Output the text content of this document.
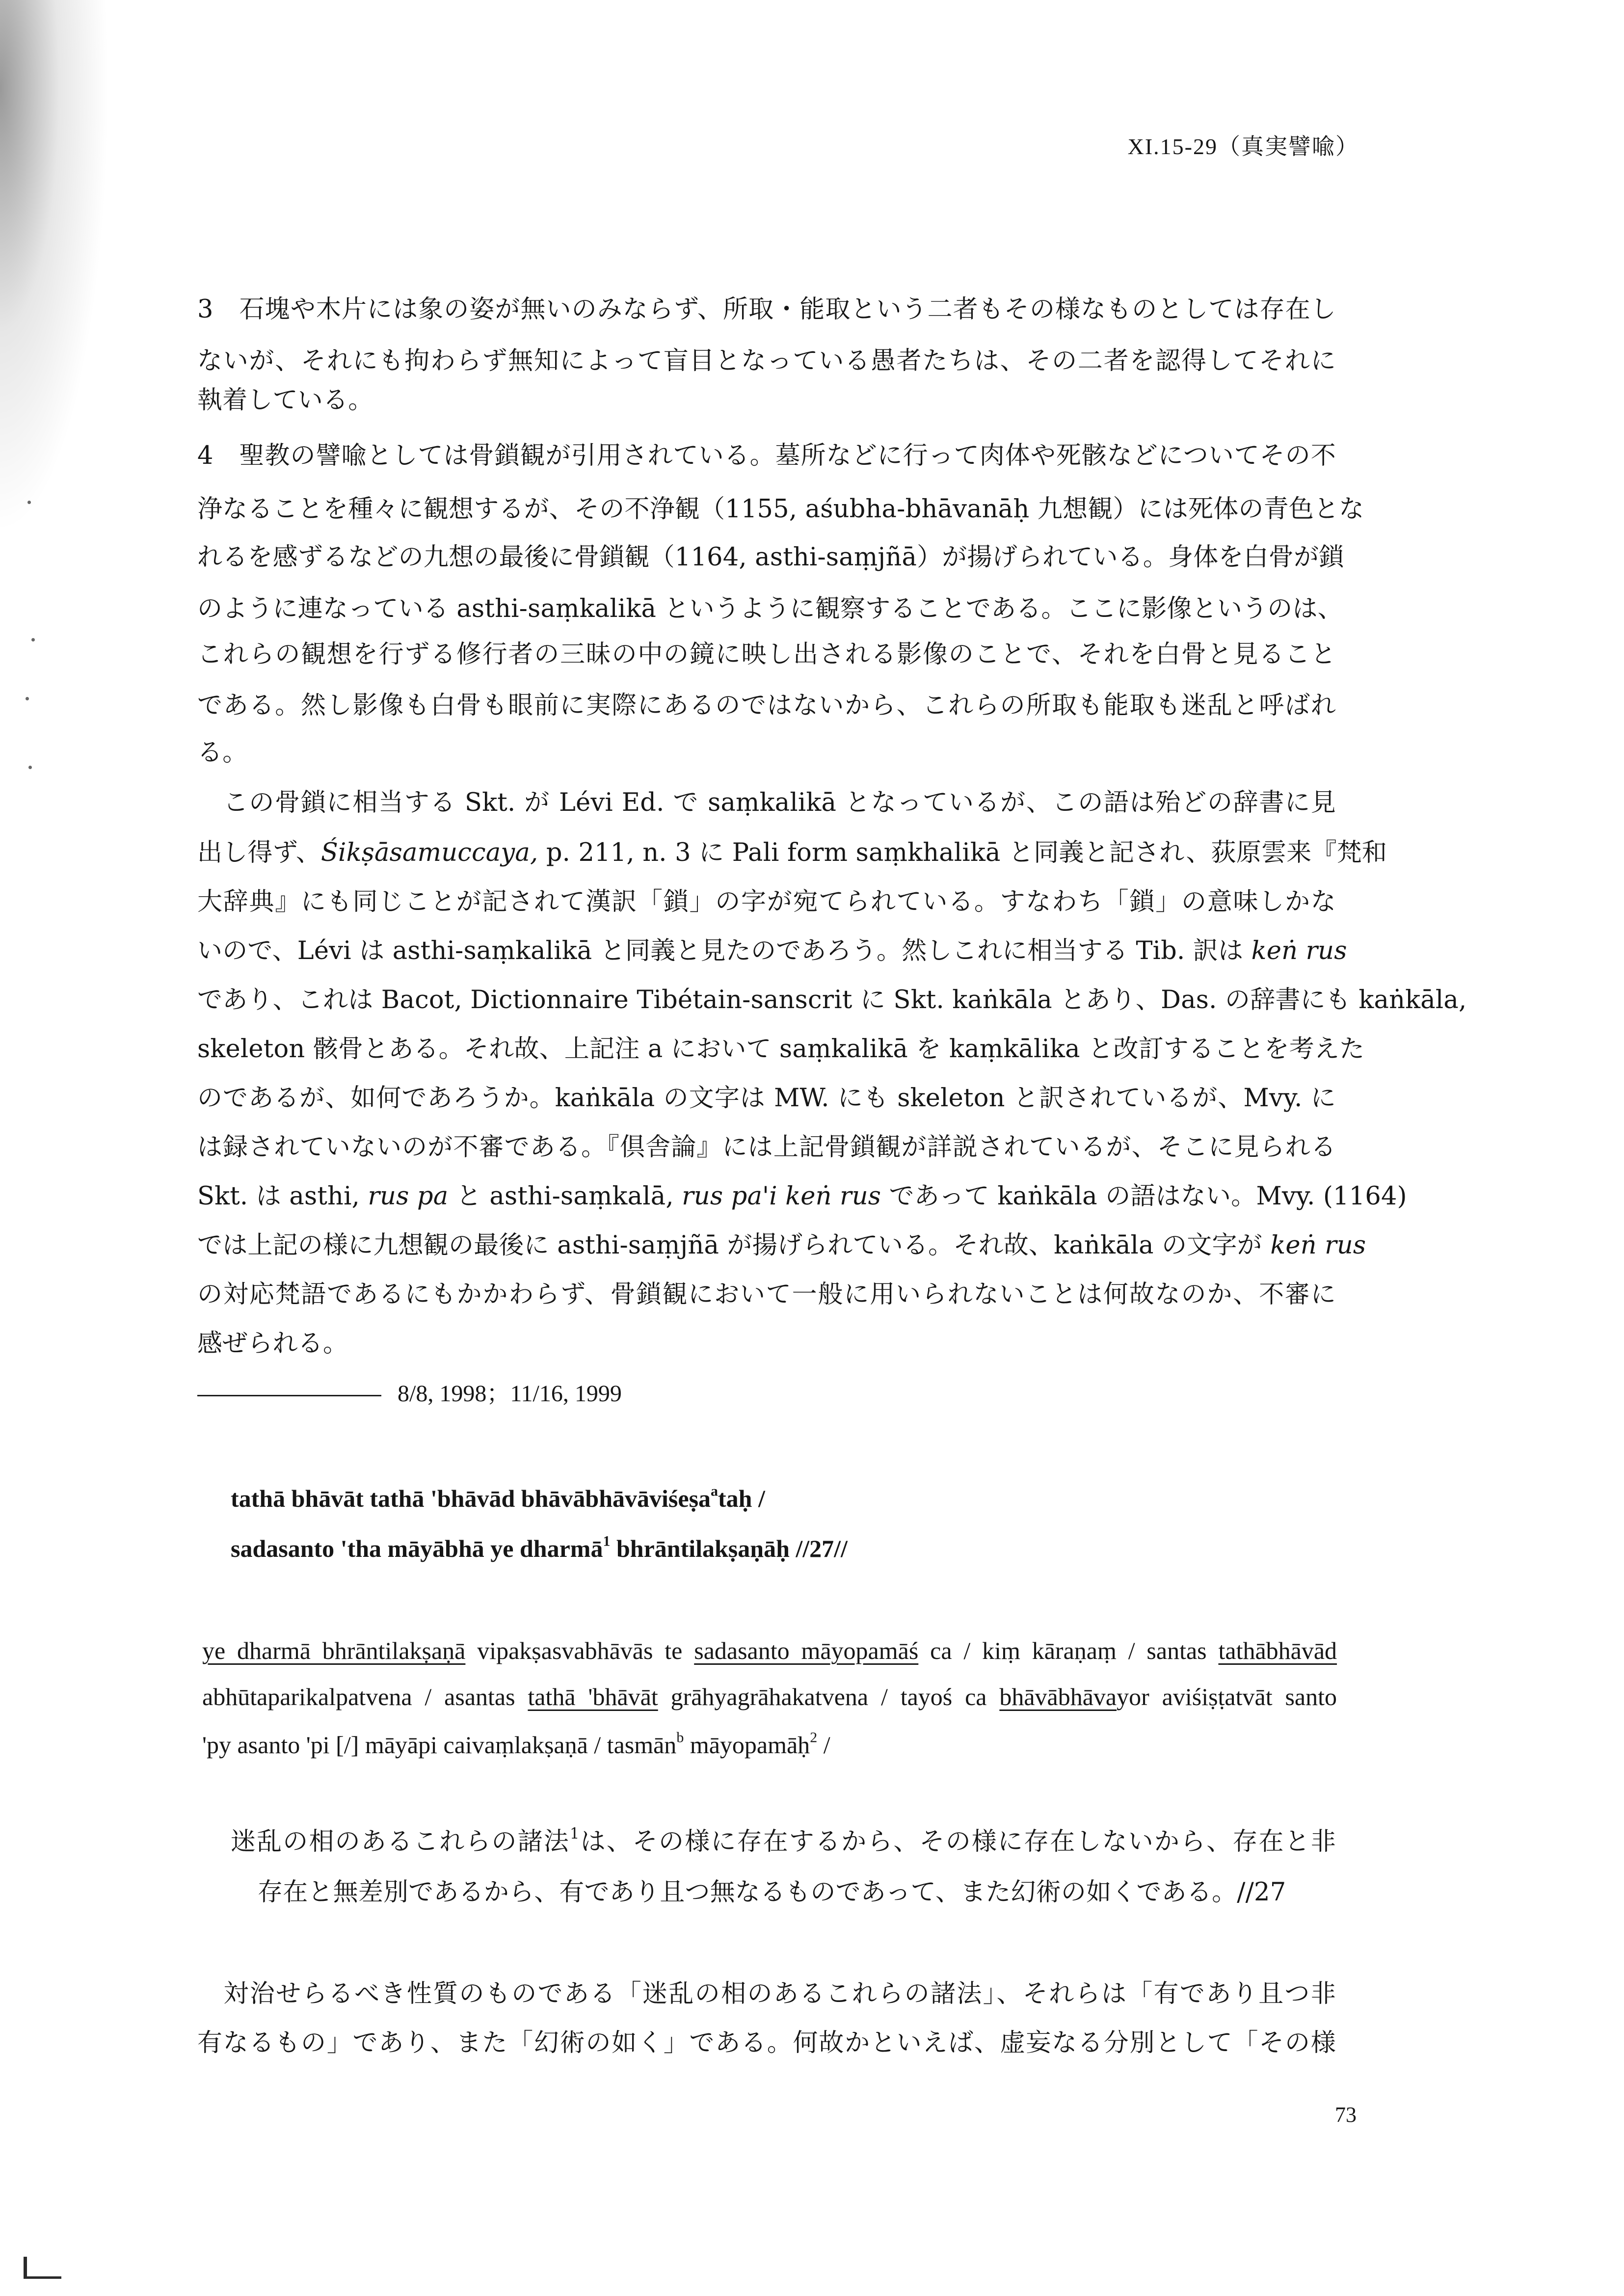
XI.15-29（真実譬喩）
3　石塊や木片には象の姿が無いのみならず、所取・能取という二者もその様なものとしては存在し
ないが、それにも拘わらず無知によって盲目となっている愚者たちは、その二者を認得してそれに
執着している。
4　聖教の譬喩としては骨鎖観が引用されている。墓所などに行って肉体や死骸などについてその不
浄なることを種々に観想するが、その不浄観（1155, aśubha-bhāvanāḥ 九想観）には死体の青色とな
れるを感ずるなどの九想の最後に骨鎖観（1164, asthi-saṃjñā）が揚げられている。身体を白骨が鎖
のように連なっている asthi-saṃkalikā というように観察することである。ここに影像というのは、
これらの観想を行ずる修行者の三昧の中の鏡に映し出される影像のことで、それを白骨と見ること
である。然し影像も白骨も眼前に実際にあるのではないから、これらの所取も能取も迷乱と呼ばれ
る。
　この骨鎖に相当する Skt. が Lévi Ed. で saṃkalikā となっているが、この語は殆どの辞書に見
出し得ず、Śikṣāsamuccaya, p. 211, n. 3 に Pali form saṃkhalikā と同義と記され、荻原雲来『梵和
大辞典』にも同じことが記されて漢訳「鎖」の字が宛てられている。すなわち「鎖」の意味しかな
いので、Lévi は asthi-saṃkalikā と同義と見たのであろう。然しこれに相当する Tib. 訳は keṅ rus
であり、これは Bacot, Dictionnaire Tibétain-sanscrit に Skt. kaṅkāla とあり、Das. の辞書にも kaṅkāla,
skeleton 骸骨とある。それ故、上記注 a において saṃkalikā を kaṃkālika と改訂することを考えた
のであるが、如何であろうか。kaṅkāla の文字は MW. にも skeleton と訳されているが、Mvy. に
は録されていないのが不審である。『倶舎論』には上記骨鎖観が詳説されているが、そこに見られる
Skt. は asthi, rus pa と asthi-saṃkalā, rus pa'i keṅ rus であって kaṅkāla の語はない。Mvy. (1164)
では上記の様に九想観の最後に asthi-saṃjñā が揚げられている。それ故、kaṅkāla の文字が keṅ rus
の対応梵語であるにもかかわらず、骨鎖観において一般に用いられないことは何故なのか、不審に
感ぜられる。
8/8, 1998；11/16, 1999
tathā bhāvāt tathā 'bhāvād bhāvābhāvāviśeṣa$^a$taḥ /
sadasanto 'tha māyābhā ye dharmā$^1$ bhrāntilakṣaṇāḥ //27//
ye dharmā bhrāntilakṣaṇā vipakṣasvabhāvās te sadasanto māyopamāś ca / kiṃ kāraṇaṃ / santas tathābhāvād
abhūtaparikalpatvena / asantas tathā 'bhāvāt grāhyagrāhakatvena / tayoś ca bhāvābhāvayor aviśiṣṭatvāt santo
'py asanto 'pi [/] māyāpi caivaṃlakṣaṇā / tasmān$^b$ māyopamāḥ$^2$ /
迷乱の相のあるこれらの諸法$^1$は、その様に存在するから、その様に存在しないから、存在と非
存在と無差別であるから、有であり且つ無なるものであって、また幻術の如くである。//27
　対治せらるべき性質のものである「迷乱の相のあるこれらの諸法」、それらは「有であり且つ非
有なるもの」であり、また「幻術の如く」である。何故かといえば、虚妄なる分別として「その様
73
